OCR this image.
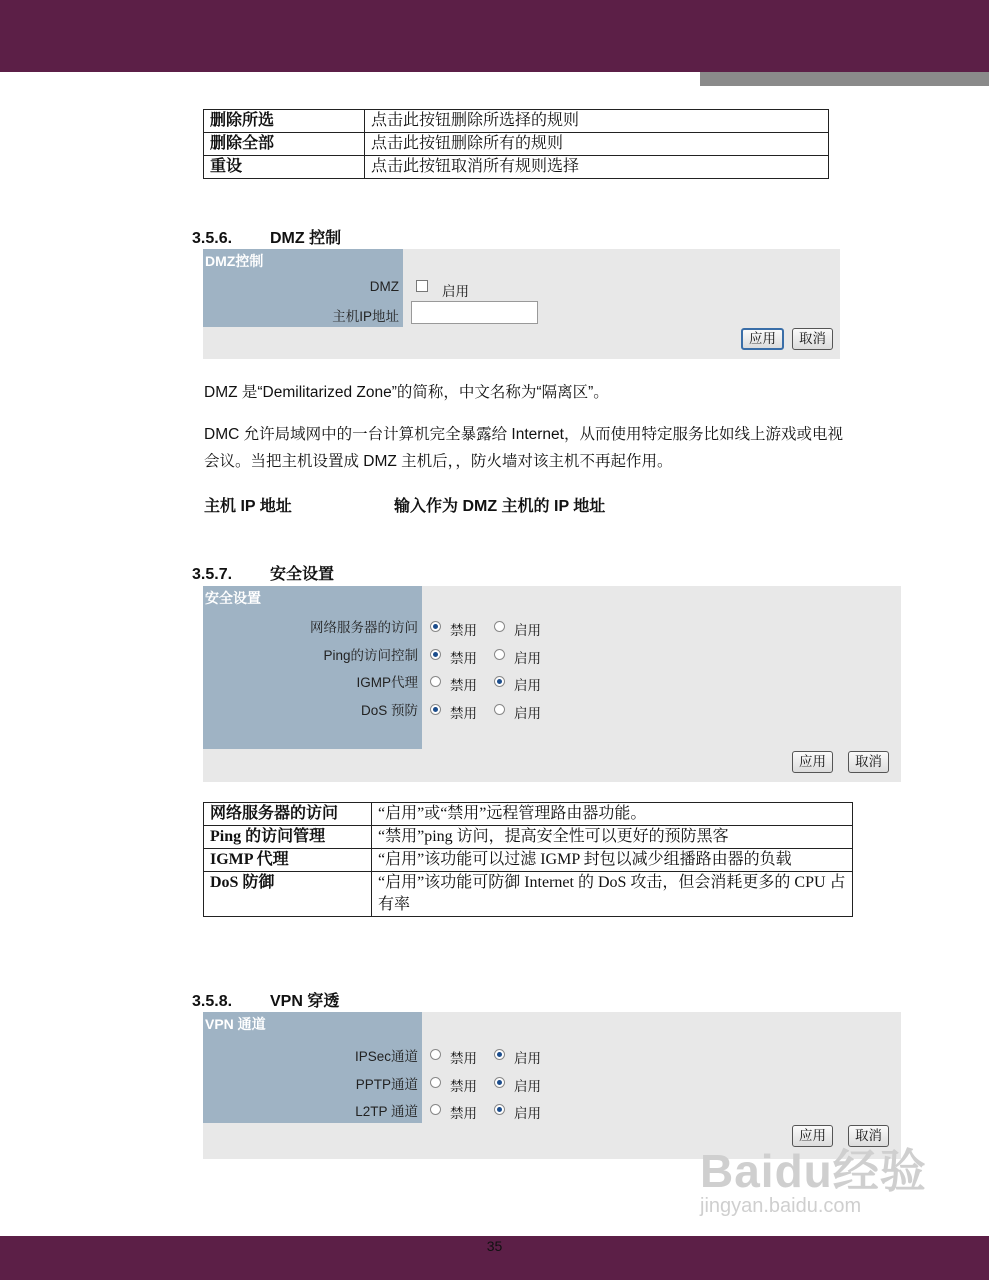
删除所选	点击此按钮删除所选择的规则
删除全部	点击此按钮删除所有的规则
重设	点击此按钮取消所有规则选择
3.5.6. DMZ 控制
DMZ控制
DMZ	启用
主机IP地址
应用	取消
DMZ 是“Demilitarized Zone”的简称，中文名称为“隔离区”。
DMC 允许局域网中的一台计算机完全暴露给 Internet，从而使用特定服务比如线上游戏或电视会议。当把主机设置成 DMZ 主机后，，防火墙对该主机不再起作用。
主机 IP 地址	输入作为 DMZ 主机的 IP 地址
3.5.7. 安全设置
安全设置
网络服务器的访问 禁用	启用
Ping的访问控制 禁用	启用
IGMP代理 禁用	启用
DoS 预防 禁用	启用
应用	取消
网络服务器的访问	“启用”或“禁用”远程管理路由器功能。
Ping 的访问管理	“禁用”ping 访问，提高安全性可以更好的预防黑客
IGMP 代理	“启用”该功能可以过滤 IGMP 封包以减少组播路由器的负载
DoS 防御	“启用”该功能可防御 Internet 的 DoS 攻击，但会消耗更多的 CPU 占有率
3.5.8. VPN 穿透
VPN 通道
IPSec通道 禁用	启用
PPTP通道 禁用	启用
L2TP 通道 禁用	启用
应用	取消
Baidu经验
jingyan.baidu.com
35
